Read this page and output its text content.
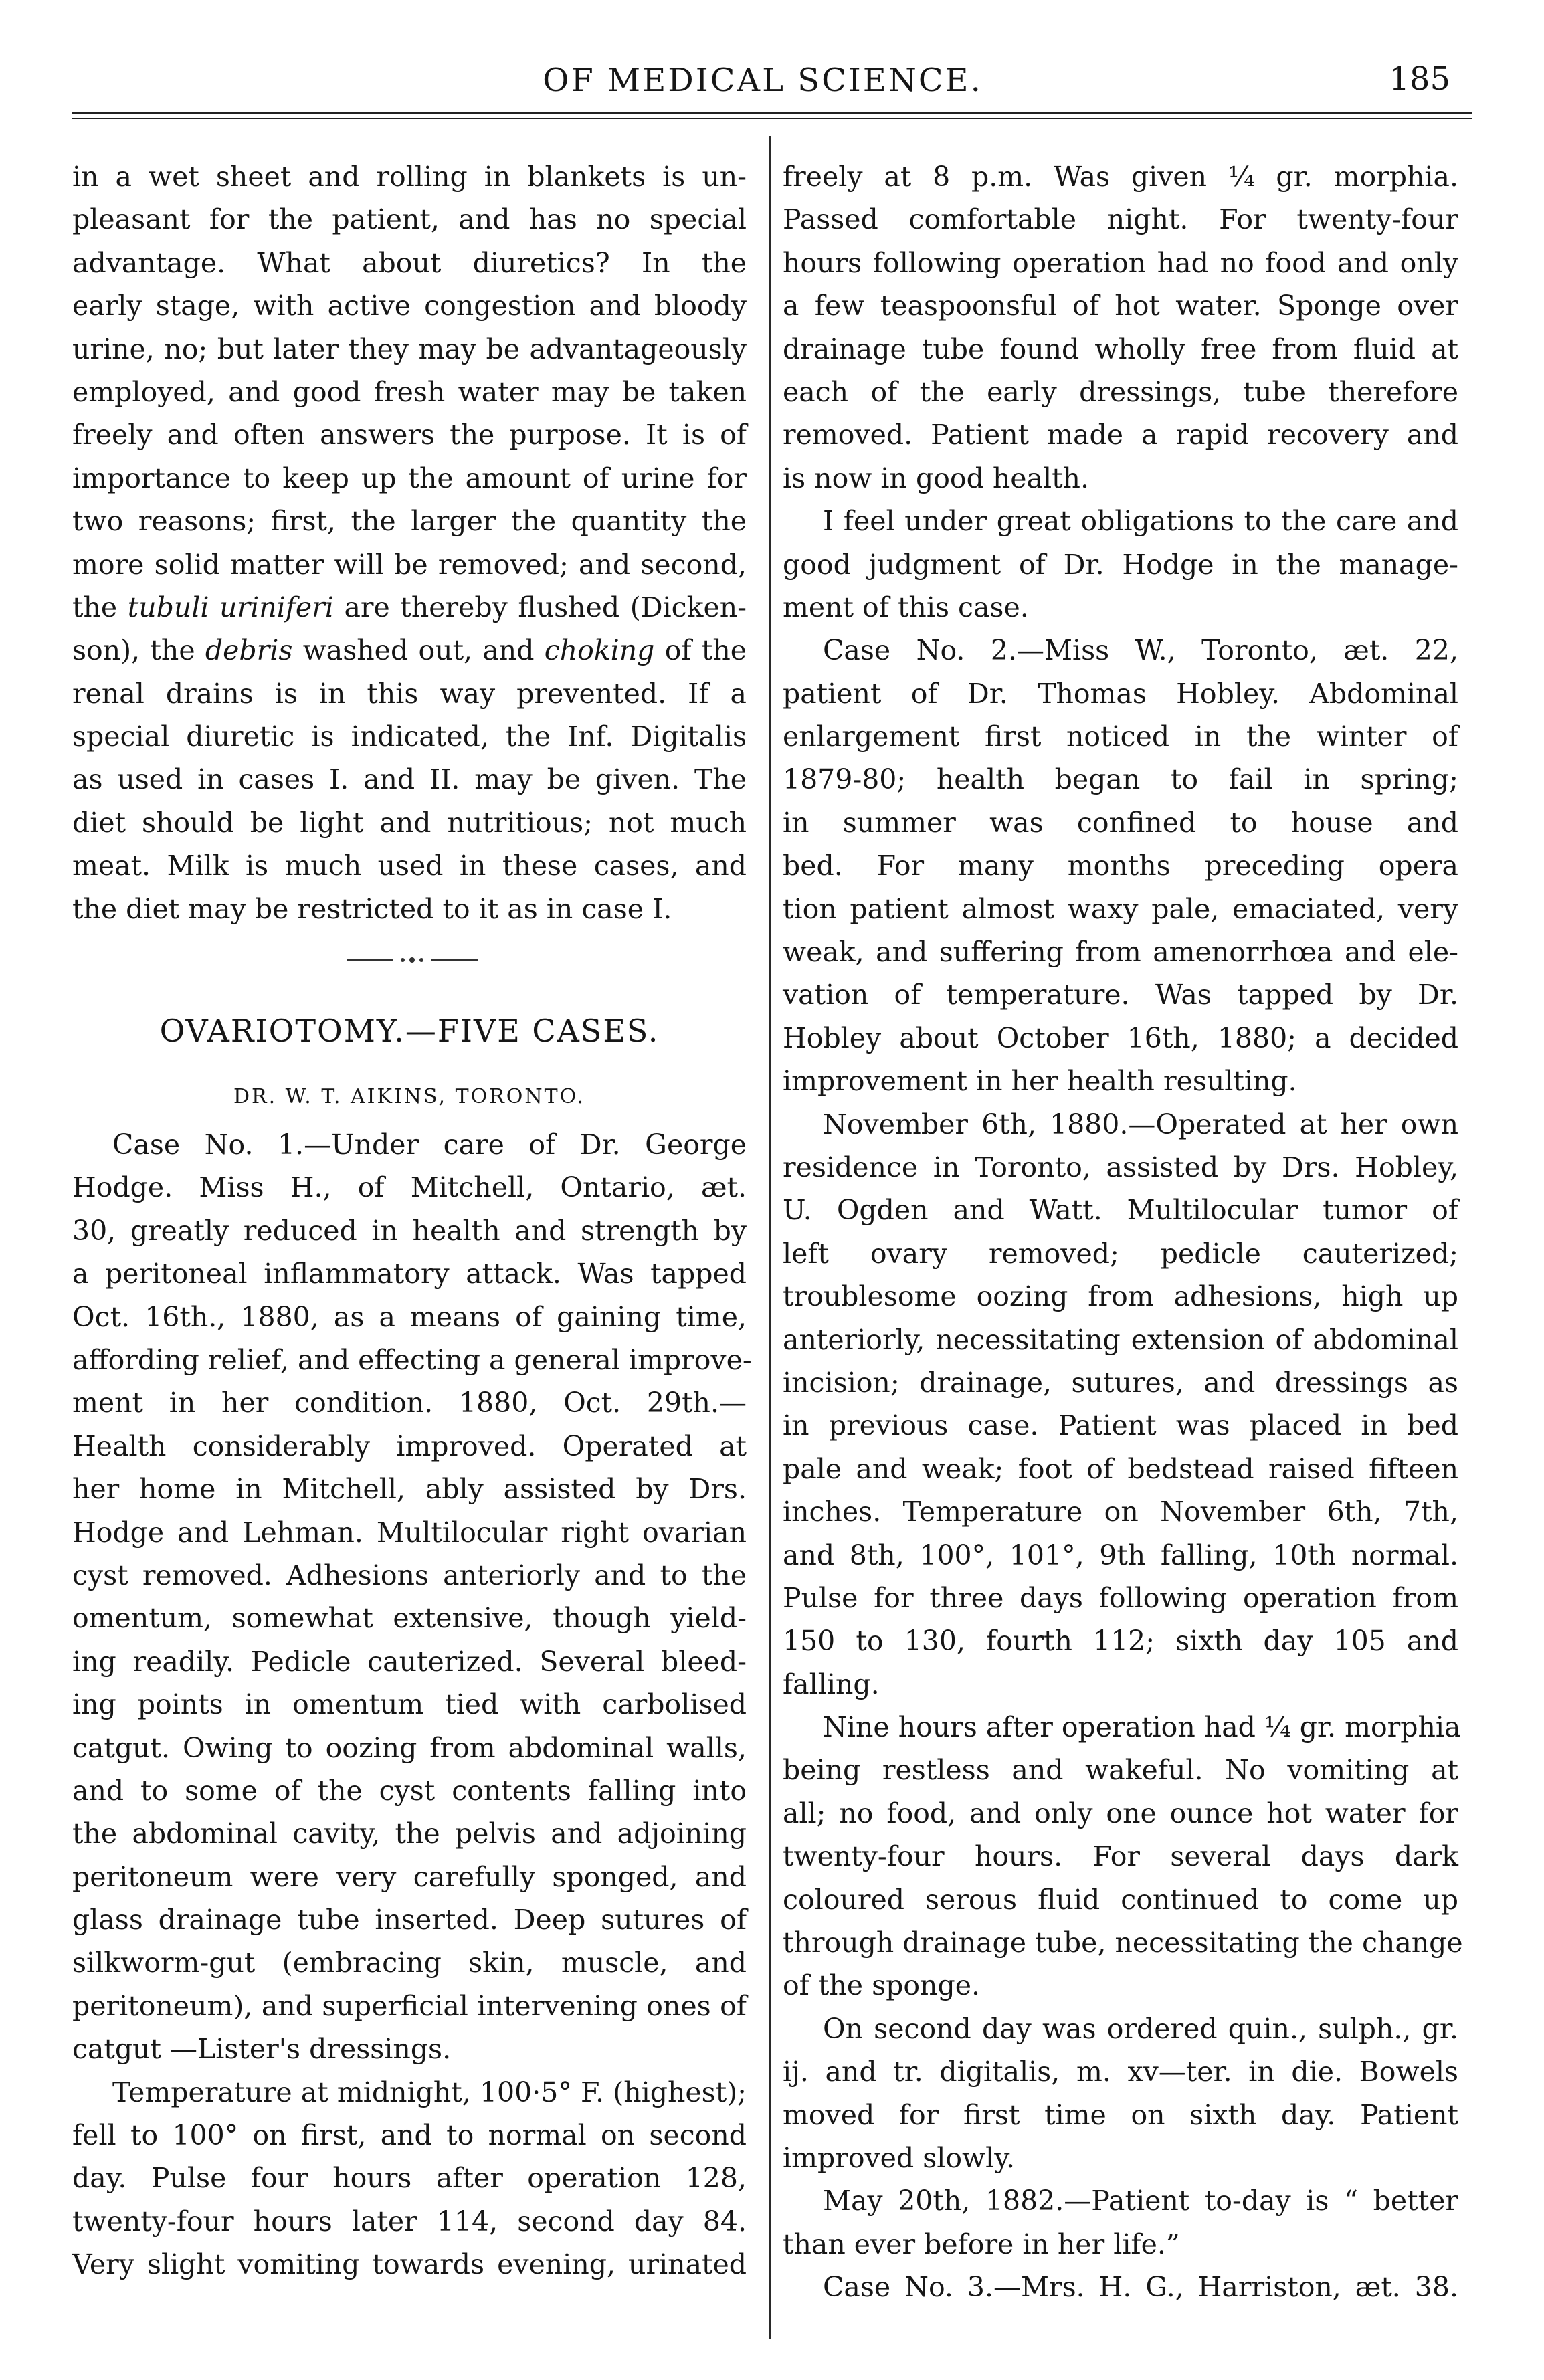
OF MEDICAL SCIENCE.	185
in a wet sheet and rolling in blankets is un-
pleasant for the patient, and has no special
advantage. What about diuretics? In the
early stage, with active congestion and bloody
urine, no; but later they may be advantageously
employed, and good fresh water may be taken
freely and often answers the purpose. It is of
importance to keep up the amount of urine for
two reasons; first, the larger the quantity the
more solid matter will be removed; and second,
the tubuli uriniferi are thereby flushed (Dicken-
son), the debris washed out, and choking of the
renal drains is in this way prevented. If a
special diuretic is indicated, the Inf. Digitalis
as used in cases I. and II. may be given. The
diet should be light and nutritious; not much
meat. Milk is much used in these cases, and
the diet may be restricted to it as in case I.
OVARIOTOMY.—FIVE CASES.
DR. W. T. AIKINS, TORONTO.
Case No. 1.—Under care of Dr. George
Hodge. Miss H., of Mitchell, Ontario, æt.
30, greatly reduced in health and strength by
a peritoneal inflammatory attack. Was tapped
Oct. 16th., 1880, as a means of gaining time,
affording relief, and effecting a general improve-
ment in her condition. 1880, Oct. 29th.—
Health considerably improved. Operated at
her home in Mitchell, ably assisted by Drs.
Hodge and Lehman. Multilocular right ovarian
cyst removed. Adhesions anteriorly and to the
omentum, somewhat extensive, though yield-
ing readily. Pedicle cauterized. Several bleed-
ing points in omentum tied with carbolised
catgut. Owing to oozing from abdominal walls,
and to some of the cyst contents falling into
the abdominal cavity, the pelvis and adjoining
peritoneum were very carefully sponged, and
glass drainage tube inserted. Deep sutures of
silkworm-gut (embracing skin, muscle, and
peritoneum), and superficial intervening ones of
catgut —Lister's dressings.
Temperature at midnight, 100·5° F. (highest);
fell to 100° on first, and to normal on second
day. Pulse four hours after operation 128,
twenty-four hours later 114, second day 84.
Very slight vomiting towards evening, urinated
freely at 8 p.m. Was given ¼ gr. morphia.
Passed comfortable night. For twenty-four
hours following operation had no food and only
a few teaspoonsful of hot water. Sponge over
drainage tube found wholly free from fluid at
each of the early dressings, tube therefore
removed. Patient made a rapid recovery and
is now in good health.
I feel under great obligations to the care and
good judgment of Dr. Hodge in the manage-
ment of this case.
Case No. 2.—Miss W., Toronto, æt. 22,
patient of Dr. Thomas Hobley. Abdominal
enlargement first noticed in the winter of
1879-80; health began to fail in spring;
in summer was confined to house and
bed. For many months preceding opera
tion patient almost waxy pale, emaciated, very
weak, and suffering from amenorrhœa and ele-
vation of temperature. Was tapped by Dr.
Hobley about October 16th, 1880; a decided
improvement in her health resulting.
November 6th, 1880.—Operated at her own
residence in Toronto, assisted by Drs. Hobley,
U. Ogden and Watt. Multilocular tumor of
left ovary removed; pedicle cauterized;
troublesome oozing from adhesions, high up
anteriorly, necessitating extension of abdominal
incision; drainage, sutures, and dressings as
in previous case. Patient was placed in bed
pale and weak; foot of bedstead raised fifteen
inches. Temperature on November 6th, 7th,
and 8th, 100°, 101°, 9th falling, 10th normal.
Pulse for three days following operation from
150 to 130, fourth 112; sixth day 105 and
falling.
Nine hours after operation had ¼ gr. morphia
being restless and wakeful. No vomiting at
all; no food, and only one ounce hot water for
twenty-four hours. For several days dark
coloured serous fluid continued to come up
through drainage tube, necessitating the change
of the sponge.
On second day was ordered quin., sulph., gr.
ij. and tr. digitalis, m. xv—ter. in die. Bowels
moved for first time on sixth day. Patient
improved slowly.
May 20th, 1882.—Patient to-day is “ better
than ever before in her life.”
Case No. 3.—Mrs. H. G., Harriston, æt. 38.
